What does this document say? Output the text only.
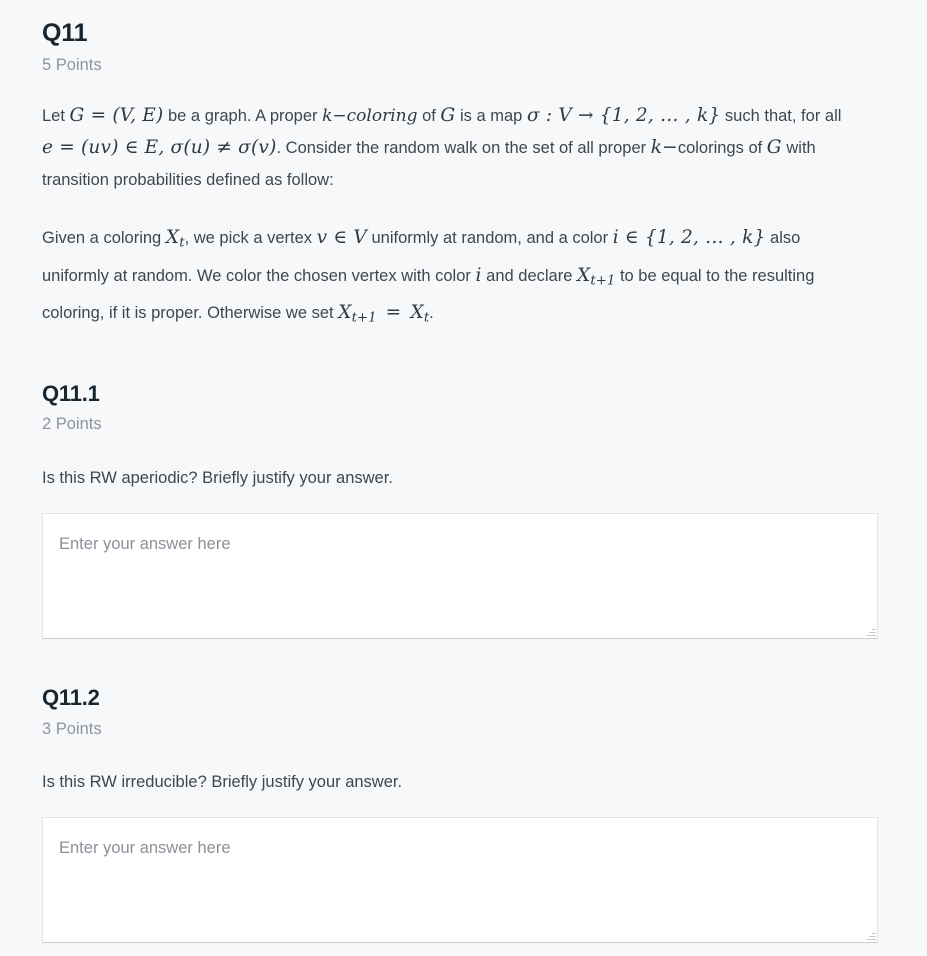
Q11

5 Points

Let G = (V, E) be a graph. A proper k−coloring of G is a map σ : V → {1, 2, … , k} such that, for all e = (uv) ∈ E, σ(u) ≠ σ(v). Consider the random walk on the set of all proper k−colorings of G with transition probabilities defined as follow:

Given a coloring $X_t$, we pick a vertex v ∈ V uniformly at random, and a color i ∈ {1, 2, … , k} also uniformly at random. We color the chosen vertex with color i and declare $X_{t+1}$ to be equal to the resulting coloring, if it is proper. Otherwise we set $X_{t+1} = X_t$.

Q11.1

2 Points

Is this RW aperiodic? Briefly justify your answer.

Enter your answer here
Q11.2

3 Points

Is this RW irreducible? Briefly justify your answer.

Enter your answer here
